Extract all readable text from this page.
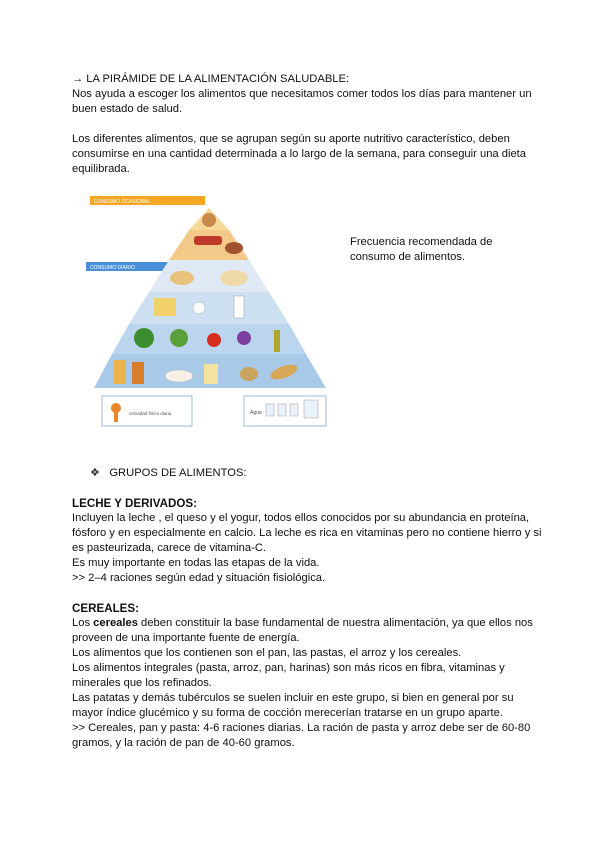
→ LA PIRÁMIDE DE LA ALIMENTACIÓN SALUDABLE:

Nos ayuda a escoger los alimentos que necesitamos comer todos los días para mantener un buen estado de salud.

Los diferentes alimentos, que se agrupan según su aporte nutritivo característico, deben consumirse en una cantidad determinada a lo largo de la semana, para conseguir una dieta equilibrada.

CONSUMO OCASIONAL
CONSUMO DIARIO
Actividad física diaria	Agua

Frecuencia recomendada de consumo de alimentos.

❖ GRUPOS DE ALIMENTOS:

LECHE Y DERIVADOS:

Incluyen la leche , el queso y el yogur, todos ellos conocidos por su abundancia en proteína, fósforo y en especialmente en calcio. La leche es rica en vitaminas pero no contiene hierro y si es pasteurizada, carece de vitamina-C.

Es muy importante en todas las etapas de la vida.

>> 2–4 raciones según edad y situación fisiológica.

CEREALES:

Los cereales deben constituir la base fundamental de nuestra alimentación, ya que ellos nos proveen de una importante fuente de energía.

Los alimentos que los contienen son el pan, las pastas, el arroz y los cereales.

Los alimentos integrales (pasta, arroz, pan, harinas) son más ricos en fibra, vitaminas y minerales que los refinados.

Las patatas y demás tubérculos se suelen incluir en este grupo, si bien en general por su mayor índice glucémico y su forma de cocción merecerían tratarse en un grupo aparte.

>> Cereales, pan y pasta: 4-6 raciones diarias. La ración de pasta y arroz debe ser de 60-80 gramos, y la ración de pan de 40-60 gramos.
